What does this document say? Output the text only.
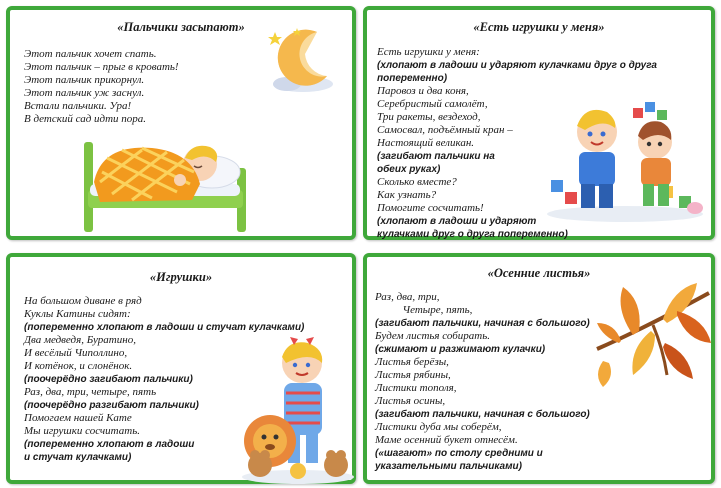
«Пальчики засыпают»
Этот пальчик хочет спать.
Этот пальчик – прыг в кровать!
Этот пальчик прикорнул.
Этот пальчик уж заснул.
Встали пальчики. Ура!
В детский сад идти пора.
«Есть игрушки у меня»
Есть игрушки у меня:
(хлопают в ладоши и ударяют кулачками друг о друга
попеременно)
Паровоз и два коня,
Серебристый самолёт,
Три ракеты, вездеход,
Самосвал, подъёмный кран –
Настоящий великан.
(загибают пальчики на
обеих руках)
Сколько вместе?
Как узнать?
Помогите сосчитать!
(хлопают в ладоши и ударяют
кулачками друг о друга попеременно)
«Игрушки»
На большом диване в ряд
Куклы Катины сидят:
(попеременно хлопают в ладоши и стучат кулачками)
Два медведя, Буратино,
И весёлый Чиполлино,
И котёнок, и слонёнок.
(поочерёдно загибают пальчики)
Раз, два, три, четыре, пять
(поочерёдно разгибают пальчики)
Помогаем нашей Кате
Мы игрушки сосчитать.
(попеременно хлопают в ладоши
и стучат кулачками)
«Осенние листья»
Раз, два, три,
Четыре, пять,
(загибают пальчики, начиная с большого)
Будем листья собирать.
(сжимают и разжимают кулачки)
Листья берёзы,
Листья рябины,
Листики тополя,
Листья осины,
(загибают пальчики, начиная с большого)
Листики дуба мы соберём,
Маме осенний букет отнесём.
(«шагают» по столу средними и
указательными пальчиками)
